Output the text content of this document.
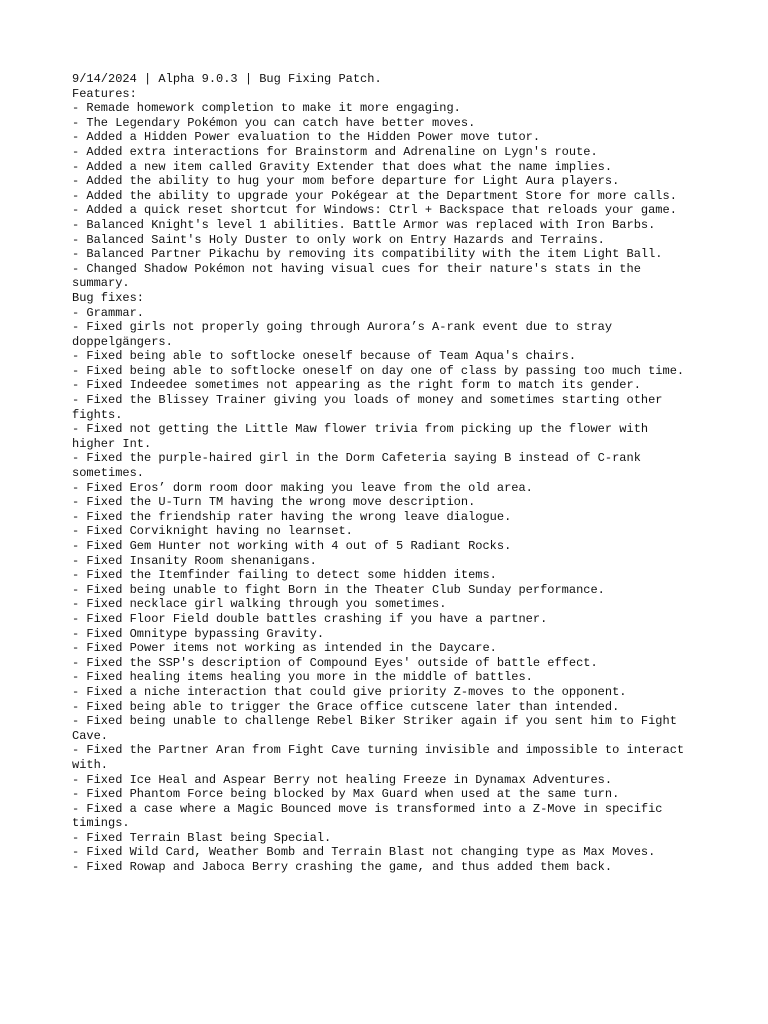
9/14/2024 | Alpha 9.0.3 | Bug Fixing Patch.

Features:

- Remade homework completion to make it more engaging.

- The Legendary Pokémon you can catch have better moves.

- Added a Hidden Power evaluation to the Hidden Power move tutor.

- Added extra interactions for Brainstorm and Adrenaline on Lygn's route.

- Added a new item called Gravity Extender that does what the name implies.

- Added the ability to hug your mom before departure for Light Aura players.

- Added the ability to upgrade your Pokégear at the Department Store for more calls.

- Added a quick reset shortcut for Windows: Ctrl + Backspace that reloads your game.

- Balanced Knight's level 1 abilities. Battle Armor was replaced with Iron Barbs.

- Balanced Saint's Holy Duster to only work on Entry Hazards and Terrains.

- Balanced Partner Pikachu by removing its compatibility with the item Light Ball.

- Changed Shadow Pokémon not having visual cues for their nature's stats in the summary.

Bug fixes:

- Grammar.

- Fixed girls not properly going through Aurora’s A-rank event due to stray doppelgängers.

- Fixed being able to softlocke oneself because of Team Aqua's chairs.

- Fixed being able to softlocke oneself on day one of class by passing too much time.

- Fixed Indeedee sometimes not appearing as the right form to match its gender.

- Fixed the Blissey Trainer giving you loads of money and sometimes starting other fights.

- Fixed not getting the Little Maw flower trivia from picking up the flower with higher Int.

- Fixed the purple-haired girl in the Dorm Cafeteria saying B instead of C-rank sometimes.

- Fixed Eros’ dorm room door making you leave from the old area.

- Fixed the U-Turn TM having the wrong move description.

- Fixed the friendship rater having the wrong leave dialogue.

- Fixed Corviknight having no learnset.

- Fixed Gem Hunter not working with 4 out of 5 Radiant Rocks.

- Fixed Insanity Room shenanigans.

- Fixed the Itemfinder failing to detect some hidden items.

- Fixed being unable to fight Born in the Theater Club Sunday performance.

- Fixed necklace girl walking through you sometimes.

- Fixed Floor Field double battles crashing if you have a partner.

- Fixed Omnitype bypassing Gravity.

- Fixed Power items not working as intended in the Daycare.

- Fixed the SSP's description of Compound Eyes' outside of battle effect.

- Fixed healing items healing you more in the middle of battles.

- Fixed a niche interaction that could give priority Z-moves to the opponent.

- Fixed being able to trigger the Grace office cutscene later than intended.

- Fixed being unable to challenge Rebel Biker Striker again if you sent him to Fight Cave.

- Fixed the Partner Aran from Fight Cave turning invisible and impossible to interact with.

- Fixed Ice Heal and Aspear Berry not healing Freeze in Dynamax Adventures.

- Fixed Phantom Force being blocked by Max Guard when used at the same turn.

- Fixed a case where a Magic Bounced move is transformed into a Z-Move in specific timings.

- Fixed Terrain Blast being Special.

- Fixed Wild Card, Weather Bomb and Terrain Blast not changing type as Max Moves.

- Fixed Rowap and Jaboca Berry crashing the game, and thus added them back.
